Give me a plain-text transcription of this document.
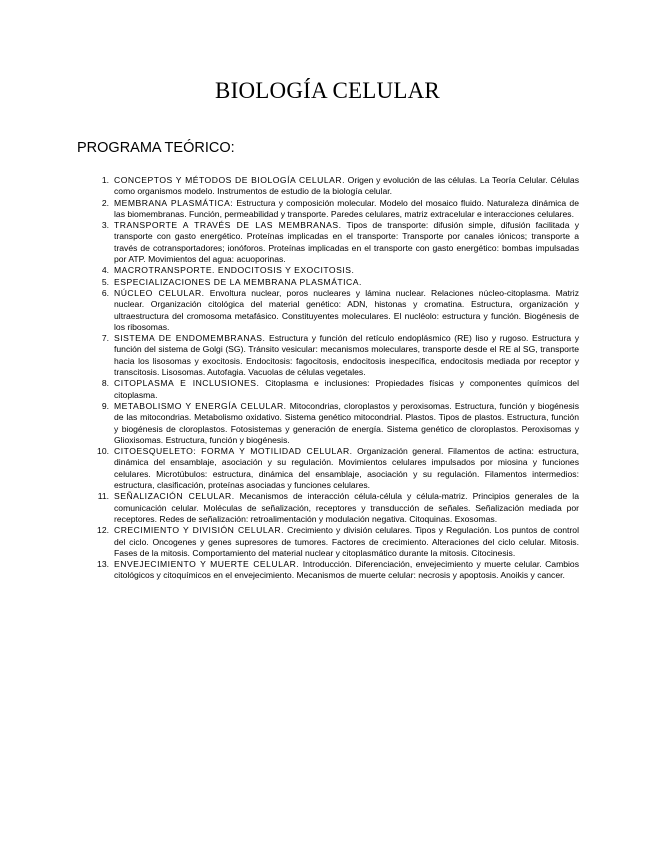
BIOLOGÍA CELULAR
PROGRAMA TEÓRICO:
1. CONCEPTOS Y MÉTODOS DE BIOLOGÍA CELULAR. Origen y evolución de las células. La Teoría Celular. Células como organismos modelo. Instrumentos de estudio de la biología celular.
2. MEMBRANA PLASMÁTICA: Estructura y composición molecular. Modelo del mosaico fluido. Naturaleza dinámica de las biomembranas. Función, permeabilidad y transporte. Paredes celulares, matriz extracelular e interacciones celulares.
3. TRANSPORTE A TRAVÉS DE LAS MEMBRANAS. Tipos de transporte: difusión simple, difusión facilitada y transporte con gasto energético. Proteínas implicadas en el transporte: Transporte por canales iónicos; transporte a través de cotransportadores; ionóforos. Proteínas implicadas en el transporte con gasto energético: bombas impulsadas por ATP. Movimientos del agua: acuoporinas.
4. MACROTRANSPORTE. ENDOCITOSIS Y EXOCITOSIS.
5. ESPECIALIZACIONES DE LA MEMBRANA PLASMÁTICA.
6. NÚCLEO CELULAR. Envoltura nuclear, poros nucleares y lámina nuclear. Relaciones núcleo-citoplasma. Matriz nuclear. Organización citológica del material genético: ADN, histonas y cromatina. Estructura, organización y ultraestructura del cromosoma metafásico. Constituyentes moleculares. El nucléolo: estructura y función. Biogénesis de los ribosomas.
7. SISTEMA DE ENDOMEMBRANAS. Estructura y función del retículo endoplásmico (RE) liso y rugoso. Estructura y función del sistema de Golgi (SG). Tránsito vesicular: mecanismos moleculares, transporte desde el RE al SG, transporte hacia los lisosomas y exocitosis. Endocitosis: fagocitosis, endocitosis inespecífica, endocitosis mediada por receptor y transcitosis. Lisosomas. Autofagia. Vacuolas de células vegetales.
8. CITOPLASMA E INCLUSIONES. Citoplasma e inclusiones: Propiedades físicas y componentes químicos del citoplasma.
9. METABOLISMO Y ENERGÍA CELULAR. Mitocondrias, cloroplastos y peroxisomas. Estructura, función y biogénesis de las mitocondrias. Metabolismo oxidativo. Sistema genético mitocondrial. Plastos. Tipos de plastos. Estructura, función y biogénesis de cloroplastos. Fotosistemas y generación de energía. Sistema genético de cloroplastos. Peroxisomas y Glioxisomas. Estructura, función y biogénesis.
10. CITOESQUELETO: FORMA Y MOTILIDAD CELULAR. Organización general. Filamentos de actina: estructura, dinámica del ensamblaje, asociación y su regulación. Movimientos celulares impulsados por miosina y funciones celulares. Microtúbulos: estructura, dinámica del ensamblaje, asociación y su regulación. Filamentos intermedios: estructura, clasificación, proteínas asociadas y funciones celulares.
11. SEÑALIZACIÓN CELULAR. Mecanismos de interacción célula-célula y célula-matriz. Principios generales de la comunicación celular. Moléculas de señalización, receptores y transducción de señales. Señalización mediada por receptores. Redes de señalización: retroalimentación y modulación negativa. Citoquinas. Exosomas.
12. CRECIMIENTO Y DIVISIÓN CELULAR. Crecimiento y división celulares. Tipos y Regulación. Los puntos de control del ciclo. Oncogenes y genes supresores de tumores. Factores de crecimiento. Alteraciones del ciclo celular. Mitosis. Fases de la mitosis. Comportamiento del material nuclear y citoplasmático durante la mitosis. Citocinesis.
13. ENVEJECIMIENTO Y MUERTE CELULAR. Introducción. Diferenciación, envejecimiento y muerte celular. Cambios citológicos y citoquímicos en el envejecimiento. Mecanismos de muerte celular: necrosis y apoptosis. Anoikis y cancer.
